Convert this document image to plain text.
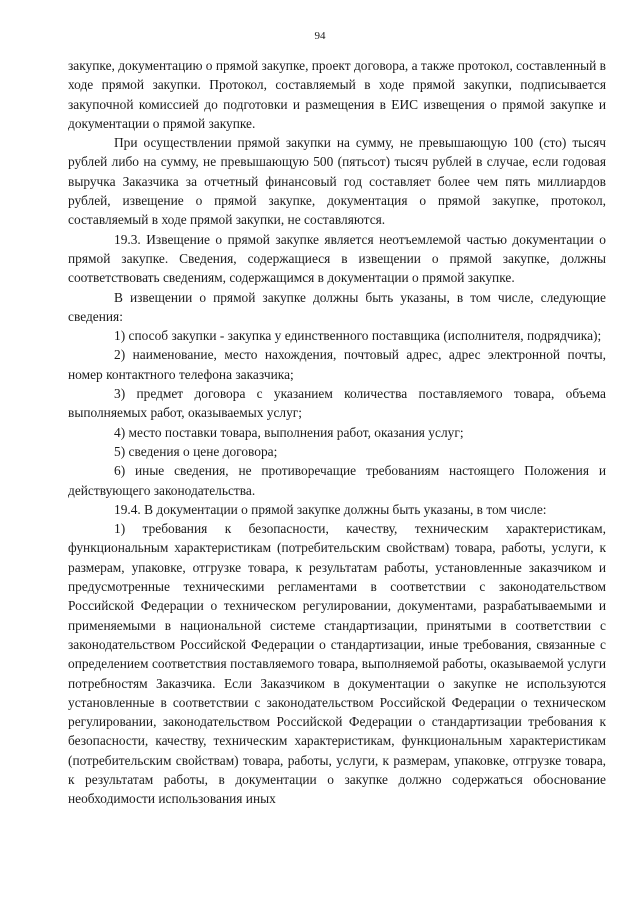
94

закупке, документацию о прямой закупке, проект договора, а также протокол, составленный в ходе прямой закупки. Протокол, составляемый в ходе прямой закупки, подписывается закупочной комиссией до подготовки и размещения в ЕИС извещения о прямой закупке и документации о прямой закупке.

При осуществлении прямой закупки на сумму, не превышающую 100 (сто) тысяч рублей либо на сумму, не превышающую 500 (пятьсот) тысяч рублей в случае, если годовая выручка Заказчика за отчетный финансовый год составляет более чем пять миллиардов рублей, извещение о прямой закупке, документация о прямой закупке, протокол, составляемый в ходе прямой закупки, не составляются.

19.3. Извещение о прямой закупке является неотъемлемой частью документации о прямой закупке. Сведения, содержащиеся в извещении о прямой закупке, должны соответствовать сведениям, содержащимся в документации о прямой закупке.

В извещении о прямой закупке должны быть указаны, в том числе, следующие сведения:

1) способ закупки - закупка у единственного поставщика (исполнителя, подрядчика);

2) наименование, место нахождения, почтовый адрес, адрес электронной почты, номер контактного телефона заказчика;

3) предмет договора с указанием количества поставляемого товара, объема выполняемых работ, оказываемых услуг;

4) место поставки товара, выполнения работ, оказания услуг;

5) сведения о цене договора;

6) иные сведения, не противоречащие требованиям настоящего Положения и действующего законодательства.

19.4. В документации о прямой закупке должны быть указаны, в том числе:

1) требования к безопасности, качеству, техническим характеристикам, функциональным характеристикам (потребительским свойствам) товара, работы, услуги, к размерам, упаковке, отгрузке товара, к результатам работы, установленные заказчиком и предусмотренные техническими регламентами в соответствии с законодательством Российской Федерации о техническом регулировании, документами, разрабатываемыми и применяемыми в национальной системе стандартизации, принятыми в соответствии с законодательством Российской Федерации о стандартизации, иные требования, связанные с определением соответствия поставляемого товара, выполняемой работы, оказываемой услуги потребностям Заказчика. Если Заказчиком в документации о закупке не используются установленные в соответствии с законодательством Российской Федерации о техническом регулировании, законодательством Российской Федерации о стандартизации требования к безопасности, качеству, техническим характеристикам, функциональным характеристикам (потребительским свойствам) товара, работы, услуги, к размерам, упаковке, отгрузке товара, к результатам работы, в документации о закупке должно содержаться обоснование необходимости использования иных
